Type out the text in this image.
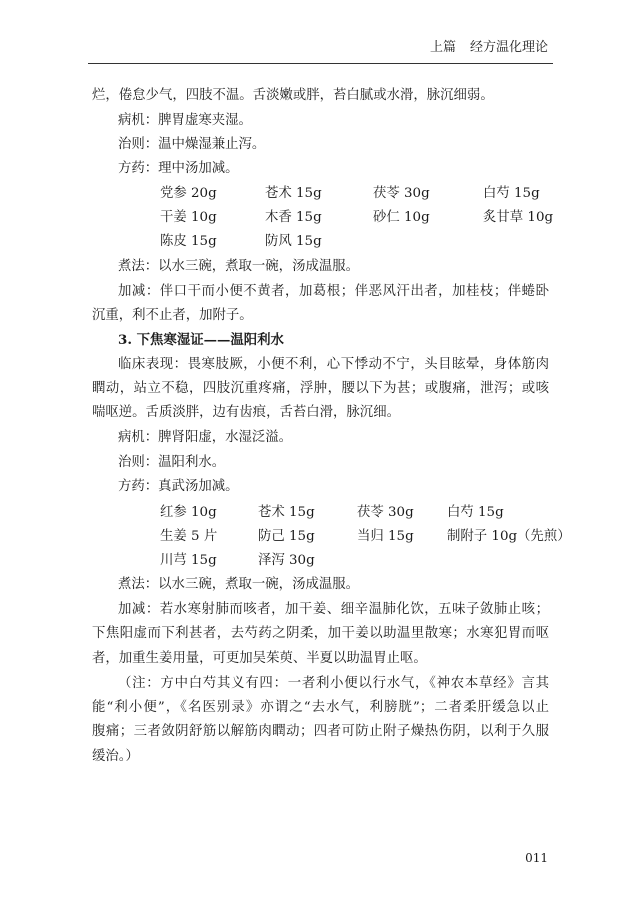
上篇 经方温化理论
烂，倦怠少气，四肢不温。舌淡嫩或胖，苔白腻或水滑，脉沉细弱。
病机：脾胃虚寒夹湿。
治则：温中燥湿兼止泻。
方药：理中汤加减。
党参 20g	苍术 15g	茯苓 30g	白芍 15g
干姜 10g	木香 15g	砂仁 10g	炙甘草 10g
陈皮 15g	防风 15g
煮法：以水三碗，煮取一碗，汤成温服。
加减：伴口干而小便不黄者，加葛根；伴恶风汗出者，加桂枝；伴蜷卧
沉重，利不止者，加附子。
3. 下焦寒湿证——温阳利水
临床表现：畏寒肢厥，小便不利，心下悸动不宁，头目眩晕，身体筋肉
瞤动，站立不稳，四肢沉重疼痛，浮肿，腰以下为甚；或腹痛，泄泻；或咳
喘呕逆。舌质淡胖，边有齿痕，舌苔白滑，脉沉细。
病机：脾肾阳虚，水湿泛溢。
治则：温阳利水。
方药：真武汤加减。
红参 10g	苍术 15g	茯苓 30g	白芍 15g
生姜 5 片	防己 15g	当归 15g	制附子 10g（先煎）
川芎 15g	泽泻 30g
煮法：以水三碗，煮取一碗，汤成温服。
加减：若水寒射肺而咳者，加干姜、细辛温肺化饮，五味子敛肺止咳；
下焦阳虚而下利甚者，去芍药之阴柔，加干姜以助温里散寒；水寒犯胃而呕
者，加重生姜用量，可更加吴茱萸、半夏以助温胃止呕。
（注：方中白芍其义有四：一者利小便以行水气，《神农本草经》言其
能“利小便”，《名医别录》亦谓之“去水气，利膀胱”；二者柔肝缓急以止
腹痛；三者敛阴舒筋以解筋肉瞤动；四者可防止附子燥热伤阴，以利于久服
缓治。）
011
